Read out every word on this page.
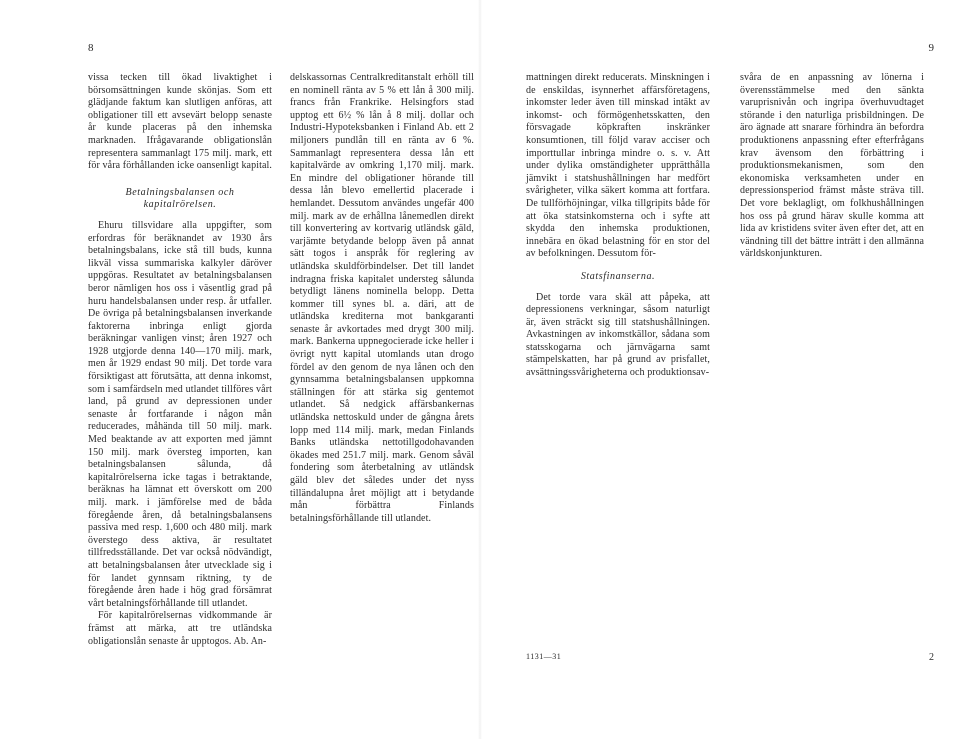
8

vissa tecken till ökad livaktighet i börsomsättningen kunde skönjas. Som ett glädjande faktum kan slutligen anföras, att obligationer till ett avsevärt belopp senaste år kunde placeras på den inhemska marknaden. Ifrågavarande obligationslån representera sammanlagt 175 milj. mark, ett för våra förhållanden icke oansenligt kapital.

Betalningsbalansen och kapitalrörelsen.

Ehuru tillsvidare alla uppgifter, som erfordras för beräknandet av 1930 års betalningsbalans, icke stå till buds, kunna likväl vissa summariska kalkyler däröver uppgöras. Resultatet av betalningsbalansen beror nämligen hos oss i väsentlig grad på huru handelsbalansen under resp. år utfaller. De övriga på betalningsbalansen inverkande faktorerna inbringa enligt gjorda beräkningar vanligen vinst; åren 1927 och 1928 utgjorde denna 140—170 milj. mark, men år 1929 endast 90 milj. Det torde vara försiktigast att förutsätta, att denna inkomst, som i samfärdseln med utlandet tillföres vårt land, på grund av depressionen under senaste år fortfarande i någon mån reducerades, måhända till 50 milj. mark. Med beaktande av att exporten med jämnt 150 milj. mark översteg importen, kan betalningsbalansen sålunda, då kapitalrörelserna icke tagas i betraktande, beräknas ha lämnat ett överskott om 200 milj. mark. i jämförelse med de båda föregående åren, då betalningsbalansens passiva med resp. 1,600 och 480 milj. mark överstego dess aktiva, är resultatet tillfredsställande. Det var också nödvändigt, att betalningsbalansen åter utvecklade sig i för landet gynnsam riktning, ty de föregående åren hade i hög grad försämrat vårt betalningsförhållande till utlandet.

För kapitalrörelsernas vidkommande är främst att märka, att tre utländska obligationslån senaste år upptogos. Ab. An-

delskassornas Centralkreditanstalt erhöll till en nominell ränta av 5 % ett lån å 300 milj. francs från Frankrike. Helsingfors stad upptog ett 6½ % lån å 8 milj. dollar och Industri-Hypoteksbanken i Finland Ab. ett 2 miljoners pundlån till en ränta av 6 %. Sammanlagt representera dessa lån ett kapitalvärde av omkring 1,170 milj. mark. En mindre del obligationer hörande till dessa lån blevo emellertid placerade i hemlandet. Dessutom användes ungefär 400 milj. mark av de erhållna lånemedlen direkt till konvertering av kortvarig utländsk gäld, varjämte betydande belopp även på annat sätt togos i anspråk för reglering av utländska skuldförbindelser. Det till landet indragna friska kapitalet understeg sålunda betydligt länens nominella belopp. Detta kommer till synes bl. a. däri, att de utländska krediterna mot bankgaranti senaste år avkortades med drygt 300 milj. mark. Bankerna uppnegocierade icke heller i övrigt nytt kapital utomlands utan drogo fördel av den genom de nya lånen och den gynnsamma betalningsbalansen uppkomna ställningen för att stärka sig gentemot utlandet. Så nedgick affärsbankernas utländska nettoskuld under de gångna årets lopp med 114 milj. mark, medan Finlands Banks utländska nettotillgodohavanden ökades med 251.7 milj. mark. Genom såväl fondering som återbetalning av utländsk gäld blev det således under det nyss tilländalupna året möjligt att i betydande mån förbättra Finlands betalningsförhållande till utlandet.

9

mattningen direkt reducerats. Minskningen i de enskildas, isynnerhet affärsföretagens, inkomster leder även till minskad intäkt av inkomst- och förmögenhetsskatten, den försvagade köpkraften inskränker konsumtionen, till följd varav acciser och importtullar inbringa mindre o. s. v. Att under dylika omständigheter upprätthålla jämvikt i statshushållningen har medfört svårigheter, vilka säkert komma att fortfara. De tullförhöjningar, vilka tillgripits både för att öka statsinkomsterna och i syfte att skydda den inhemska produktionen, innebära en ökad belastning för en stor del av befolkningen. Dessutom för-

Statsfinanserna.

Det torde vara skäl att påpeka, att depressionens verkningar, såsom naturligt är, även sträckt sig till statshushållningen. Avkastningen av inkomstkällor, sådana som statsskogarna och järnvägarna samt stämpelskatten, har på grund av prisfallet, avsättningssvårigheterna och produktionsav-

svåra de en anpassning av lönerna i överensstämmelse med den sänkta varuprisnivån och ingripa överhuvudtaget störande i den naturliga prisbildningen. De äro ägnade att snarare förhindra än befordra produktionens anpassning efter efterfrågans krav ävensom den förbättring i produktionsmekanismen, som den ekonomiska verksamheten under en depressionsperiod främst måste sträva till. Det vore beklagligt, om folkhushållningen hos oss på grund härav skulle komma att lida av kristidens sviter även efter det, att en vändning till det bättre inträtt i den allmänna världskonjunkturen.

1131—31	2
